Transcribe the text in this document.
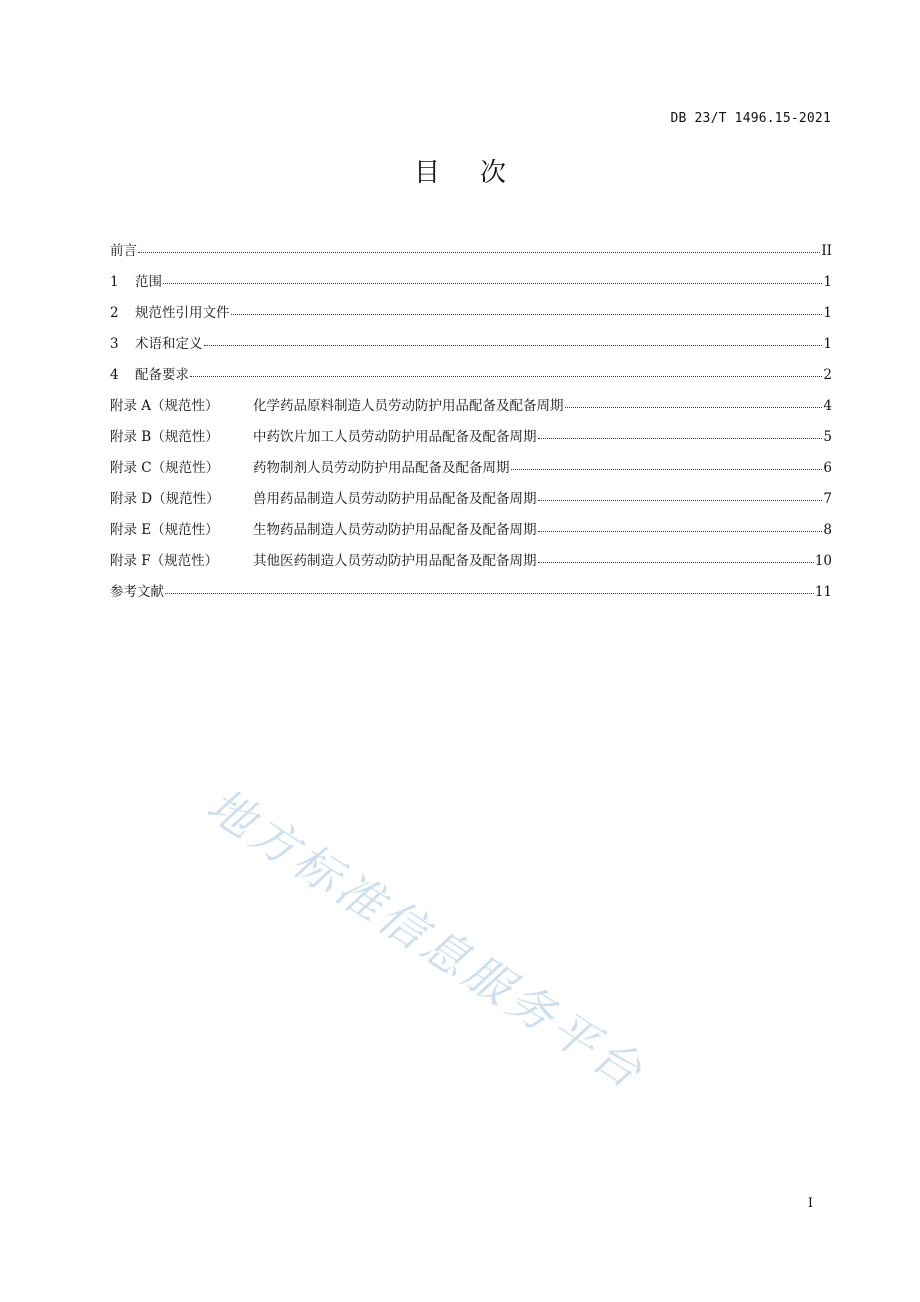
DB 23/T 1496.15-2021
目 次
前言	II
1	范围	1
2	规范性引用文件	1
3	术语和定义	1
4	配备要求	2
附录 A（规范性）	化学药品原料制造人员劳动防护用品配备及配备周期	4
附录 B（规范性）	中药饮片加工人员劳动防护用品配备及配备周期	5
附录 C（规范性）	药物制剂人员劳动防护用品配备及配备周期	6
附录 D（规范性）	兽用药品制造人员劳动防护用品配备及配备周期	7
附录 E（规范性）	生物药品制造人员劳动防护用品配备及配备周期	8
附录 F（规范性）	其他医药制造人员劳动防护用品配备及配备周期	10
参考文献	11
地方标准信息服务平台
I
